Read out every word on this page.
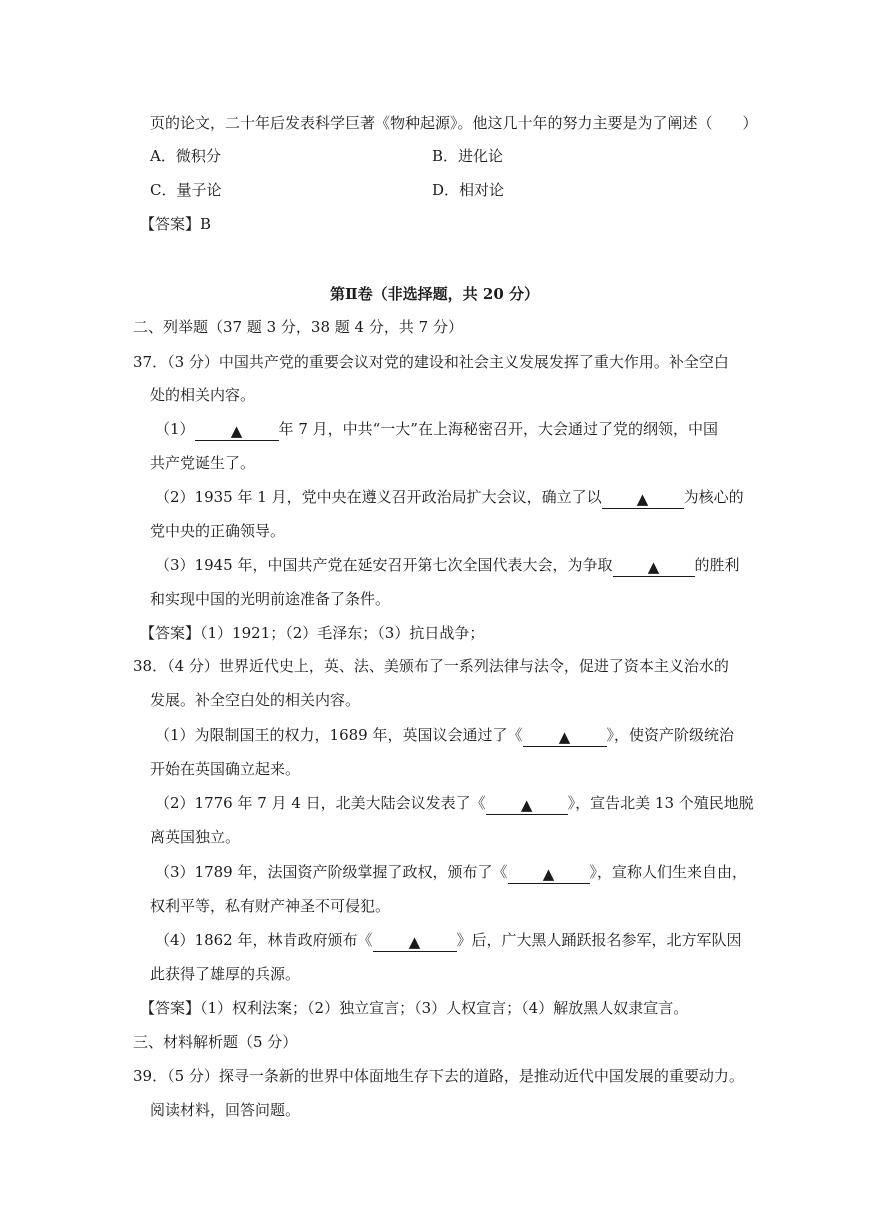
页的论文，二十年后发表科学巨著《物种起源》。他这几十年的努力主要是为了阐述（　　）
A．微积分	B．进化论
C．量子论	D．相对论
【答案】B
第Ⅱ卷（非选择题，共 20 分）
二、列举题（37 题 3 分，38 题 4 分，共 7 分）
37．（3 分）中国共产党的重要会议对党的建设和社会主义发展发挥了重大作用。补全空白
处的相关内容。
（1） ▲ 年 7 月，中共“一大”在上海秘密召开，大会通过了党的纲领，中国
共产党诞生了。
（2）1935 年 1 月，党中央在遵义召开政治局扩大会议，确立了以 ▲ 为核心的
党中央的正确领导。
（3）1945 年，中国共产党在延安召开第七次全国代表大会，为争取 ▲ 的胜利
和实现中国的光明前途准备了条件。
【答案】（1）1921；（2）毛泽东；（3）抗日战争；
38．（4 分）世界近代史上，英、法、美颁布了一系列法律与法令，促进了资本主义治水的
发展。补全空白处的相关内容。
（1）为限制国王的权力，1689 年，英国议会通过了《 ▲ 》，使资产阶级统治
开始在英国确立起来。
（2）1776 年 7 月 4 日，北美大陆会议发表了《 ▲ 》，宣告北美 13 个殖民地脱
离英国独立。
（3）1789 年，法国资产阶级掌握了政权，颁布了《 ▲ 》，宣称人们生来自由，
权利平等，私有财产神圣不可侵犯。
（4）1862 年，林肯政府颁布《 ▲ 》后，广大黑人踊跃报名参军，北方军队因
此获得了雄厚的兵源。
【答案】（1）权利法案；（2）独立宣言；（3）人权宣言；（4）解放黑人奴隶宣言。
三、材料解析题（5 分）
39．（5 分）探寻一条新的世界中体面地生存下去的道路，是推动近代中国发展的重要动力。
阅读材料，回答问题。
